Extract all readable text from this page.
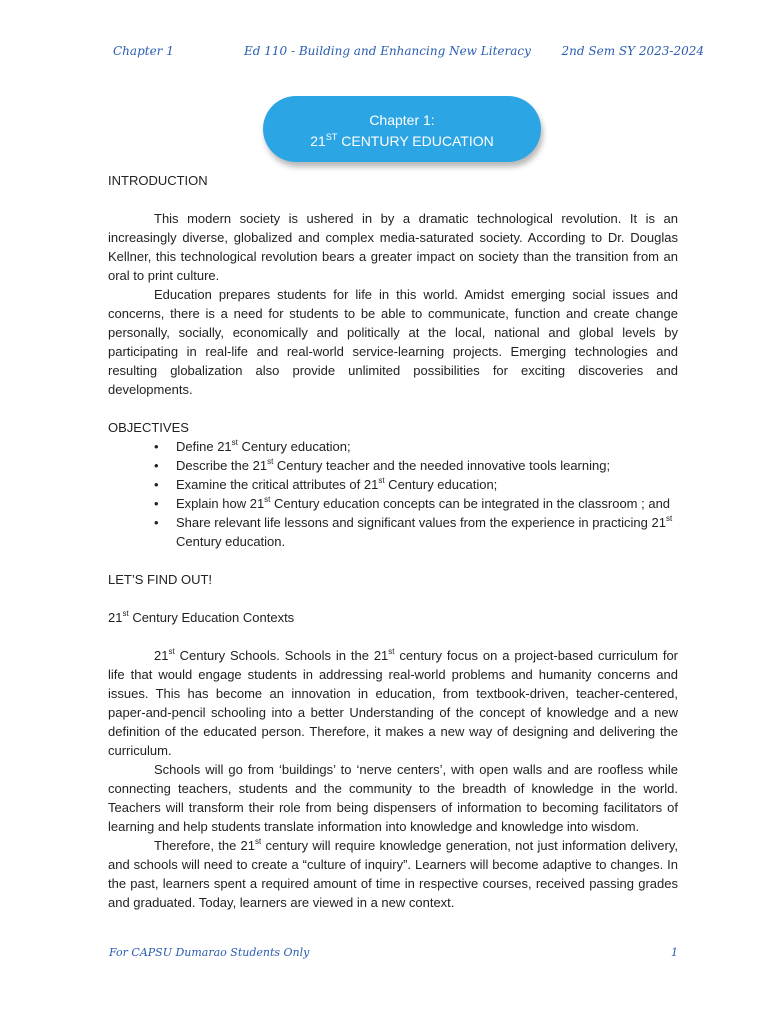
Chapter 1	Ed 110 - Building and Enhancing New Literacy	2nd Sem SY 2023-2024
Chapter 1:
21ST CENTURY EDUCATION
INTRODUCTION

This modern society is ushered in by a dramatic technological revolution. It is an increasingly diverse, globalized and complex media-saturated society. According to Dr. Douglas Kellner, this technological revolution bears a greater impact on society than the transition from an oral to print culture.

Education prepares students for life in this world. Amidst emerging social issues and concerns, there is a need for students to be able to communicate, function and create change personally, socially, economically and politically at the local, national and global levels by participating in real-life and real-world service-learning projects. Emerging technologies and resulting globalization also provide unlimited possibilities for exciting discoveries and developments.

OBJECTIVES
• Define 21st Century education;
• Describe the 21st Century teacher and the needed innovative tools learning;
• Examine the critical attributes of 21st Century education;
• Explain how 21st Century education concepts can be integrated in the classroom ; and
• Share relevant life lessons and significant values from the experience in practicing 21st Century education.
LET’S FIND OUT!
21st Century Education Contexts

21st Century Schools. Schools in the 21st century focus on a project-based curriculum for life that would engage students in addressing real-world problems and humanity concerns and issues. This has become an innovation in education, from textbook-driven, teacher-centered, paper-and-pencil schooling into a better Understanding of the concept of knowledge and a new definition of the educated person. Therefore, it makes a new way of designing and delivering the curriculum.

Schools will go from ‘buildings’ to ‘nerve centers’, with open walls and are roofless while connecting teachers, students and the community to the breadth of knowledge in the world. Teachers will transform their role from being dispensers of information to becoming facilitators of learning and help students translate information into knowledge and knowledge into wisdom.

Therefore, the 21st century will require knowledge generation, not just information delivery, and schools will need to create a “culture of inquiry”. Learners will become adaptive to changes. In the past, learners spent a required amount of time in respective courses, received passing grades and graduated. Today, learners are viewed in a new context.

For CAPSU Dumarao Students Only	1
